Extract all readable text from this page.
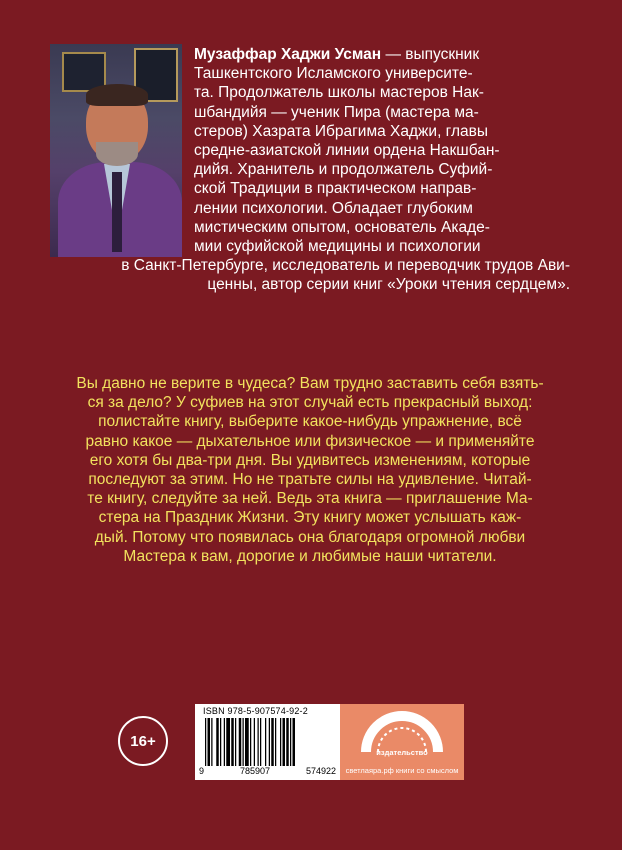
Музаффар Хаджи Усман — выпускник
Ташкентского Исламского университе-
та. Продолжатель школы мастеров Нак-
шбандийя — ученик Пира (мастера ма-
стеров) Хазрата Ибрагима Хаджи, главы
средне-азиатской линии ордена Накшбан-
дийя. Хранитель и продолжатель Суфий-
ской Традиции в практическом направ-
лении психологии. Обладает глубоким
мистическим опытом, основатель Акаде-
мии суфийской медицины и психологии

в Санкт-Петербурге, исследователь и переводчик трудов Ави-
ценны, автор серии книг «Уроки чтения сердцем».

Вы давно не верите в чудеса? Вам трудно заставить себя взять-
ся за дело? У суфиев на этот случай есть прекрасный выход:
полистайте книгу, выберите какое-нибудь упражнение, всё
равно какое — дыхательное или физическое — и применяйте
его хотя бы два-три дня. Вы удивитесь изменениям, которые
последуют за этим. Но не тратьте силы на удивление. Читай-
те книгу, следуйте за ней. Ведь эта книга — приглашение Ма-
стера на Праздник Жизни. Эту книгу может услышать каж-
дый. Потому что появилась она благодаря огромной любви
Мастера к вам, дорогие и любимые наши читатели.

16+
ISBN 978-5-907574-92-2
9	785907	574922
издательство
светлаяра.рф книги со смыслом
